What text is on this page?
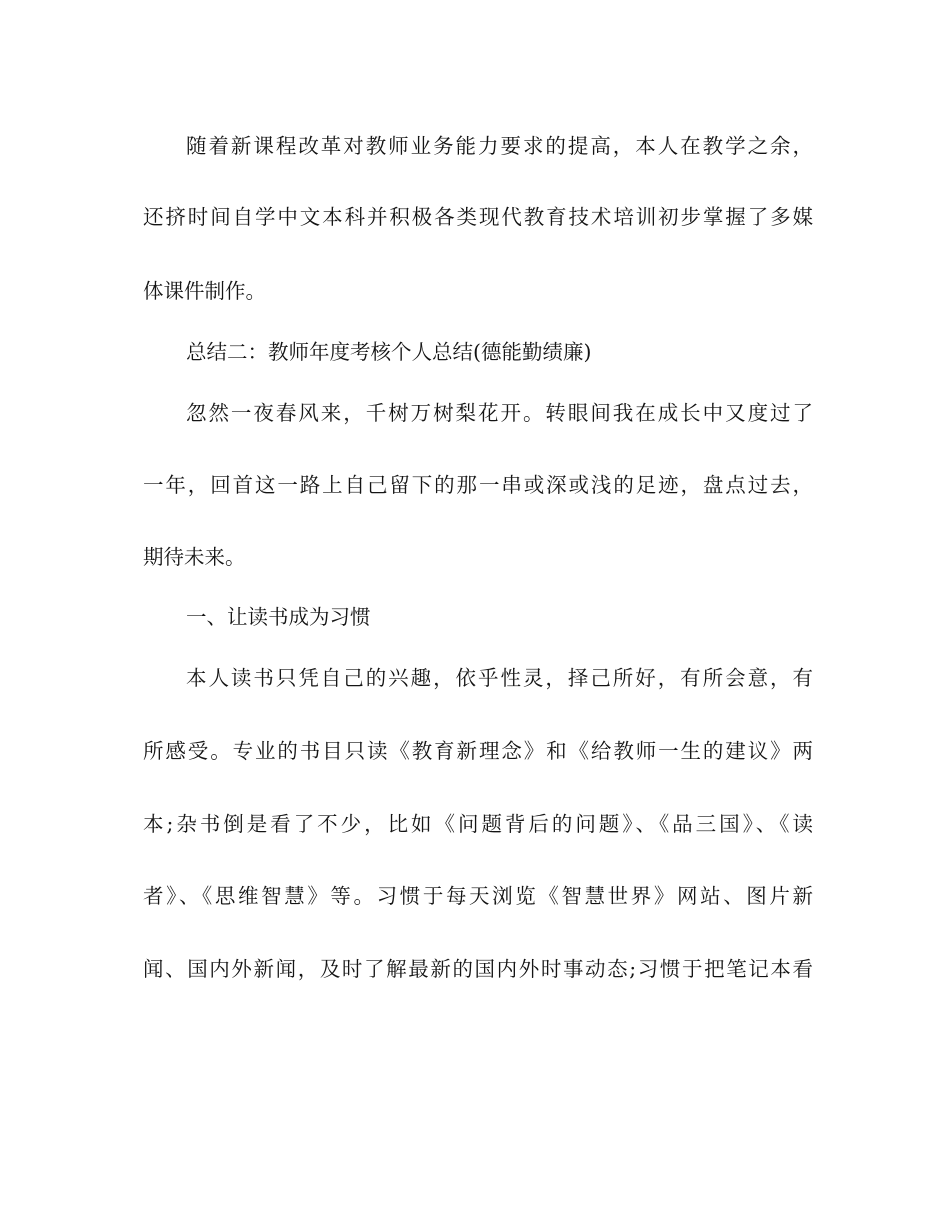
随着新课程改革对教师业务能力要求的提高，本人在教学之余，
还挤时间自学中文本科并积极各类现代教育技术培训初步掌握了多媒
体课件制作。
总结二：教师年度考核个人总结(德能勤绩廉)
忽然一夜春风来，千树万树梨花开。转眼间我在成长中又度过了
一年，回首这一路上自己留下的那一串或深或浅的足迹，盘点过去，
期待未来。
一、让读书成为习惯
本人读书只凭自己的兴趣，依乎性灵，择己所好，有所会意，有
所感受。专业的书目只读《教育新理念》和《给教师一生的建议》两
本;杂书倒是看了不少，比如《问题背后的问题》、《品三国》、《读
者》、《思维智慧》等。习惯于每天浏览《智慧世界》网站、图片新
闻、国内外新闻，及时了解最新的国内外时事动态;习惯于把笔记本看
